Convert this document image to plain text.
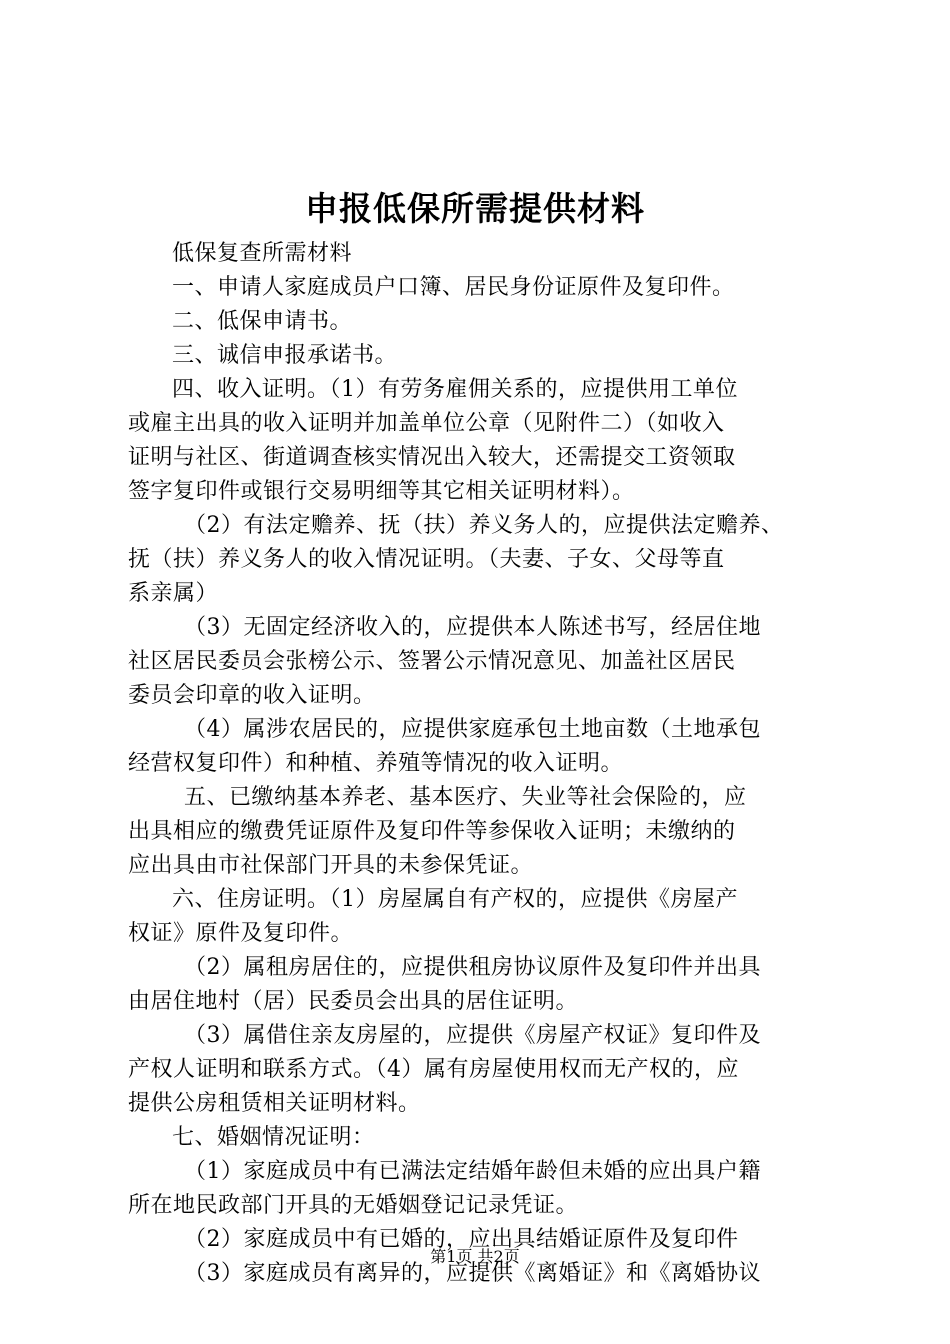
申报低保所需提供材料
低保复查所需材料
一、申请人家庭成员户口簿、居民身份证原件及复印件。
二、低保申请书。
三、诚信申报承诺书。
四、收入证明。（1）有劳务雇佣关系的，应提供用工单位
或雇主出具的收入证明并加盖单位公章（见附件二）（如收入
证明与社区、街道调查核实情况出入较大，还需提交工资领取
签字复印件或银行交易明细等其它相关证明材料）。
（2）有法定赡养、抚（扶）养义务人的，应提供法定赡养、
抚（扶）养义务人的收入情况证明。（夫妻、子女、父母等直
系亲属）
（3）无固定经济收入的，应提供本人陈述书写，经居住地
社区居民委员会张榜公示、签署公示情况意见、加盖社区居民
委员会印章的收入证明。
（4）属涉农居民的，应提供家庭承包土地亩数（土地承包
经营权复印件）和种植、养殖等情况的收入证明。
五、已缴纳基本养老、基本医疗、失业等社会保险的，应
出具相应的缴费凭证原件及复印件等参保收入证明；未缴纳的
应出具由市社保部门开具的未参保凭证。
六、住房证明。（1）房屋属自有产权的，应提供《房屋产
权证》原件及复印件。
（2）属租房居住的，应提供租房协议原件及复印件并出具
由居住地村（居）民委员会出具的居住证明。
（3）属借住亲友房屋的，应提供《房屋产权证》复印件及
产权人证明和联系方式。（4）属有房屋使用权而无产权的，应
提供公房租赁相关证明材料。
七、婚姻情况证明：
（1）家庭成员中有已满法定结婚年龄但未婚的应出具户籍
所在地民政部门开具的无婚姻登记记录凭证。
（2）家庭成员中有已婚的，应出具结婚证原件及复印件
（3）家庭成员有离异的，应提供《离婚证》和《离婚协议

第1页 共2页
